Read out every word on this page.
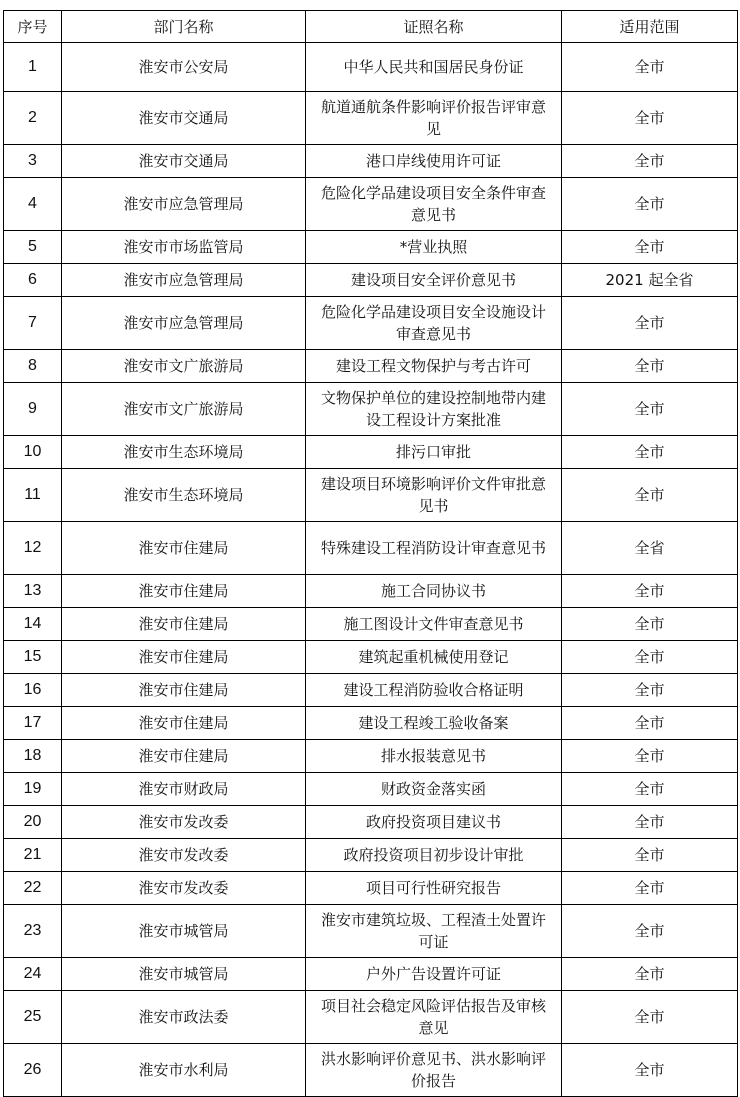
序号	部门名称	证照名称	适用范围
1	淮安市公安局	中华人民共和国居民身份证	全市
2	淮安市交通局	航道通航条件影响评价报告评审意见	全市
3	淮安市交通局	港口岸线使用许可证	全市
4	淮安市应急管理局	危险化学品建设项目安全条件审查意见书	全市
5	淮安市市场监管局	*营业执照	全市
6	淮安市应急管理局	建设项目安全评价意见书	2021 起全省
7	淮安市应急管理局	危险化学品建设项目安全设施设计审查意见书	全市
8	淮安市文广旅游局	建设工程文物保护与考古许可	全市
9	淮安市文广旅游局	文物保护单位的建设控制地带内建设工程设计方案批准	全市
10	淮安市生态环境局	排污口审批	全市
11	淮安市生态环境局	建设项目环境影响评价文件审批意见书	全市
12	淮安市住建局	特殊建设工程消防设计审查意见书	全省
13	淮安市住建局	施工合同协议书	全市
14	淮安市住建局	施工图设计文件审查意见书	全市
15	淮安市住建局	建筑起重机械使用登记	全市
16	淮安市住建局	建设工程消防验收合格证明	全市
17	淮安市住建局	建设工程竣工验收备案	全市
18	淮安市住建局	排水报装意见书	全市
19	淮安市财政局	财政资金落实函	全市
20	淮安市发改委	政府投资项目建议书	全市
21	淮安市发改委	政府投资项目初步设计审批	全市
22	淮安市发改委	项目可行性研究报告	全市
23	淮安市城管局	淮安市建筑垃圾、工程渣土处置许可证	全市
24	淮安市城管局	户外广告设置许可证	全市
25	淮安市政法委	项目社会稳定风险评估报告及审核意见	全市
26	淮安市水利局	洪水影响评价意见书、洪水影响评价报告	全市
